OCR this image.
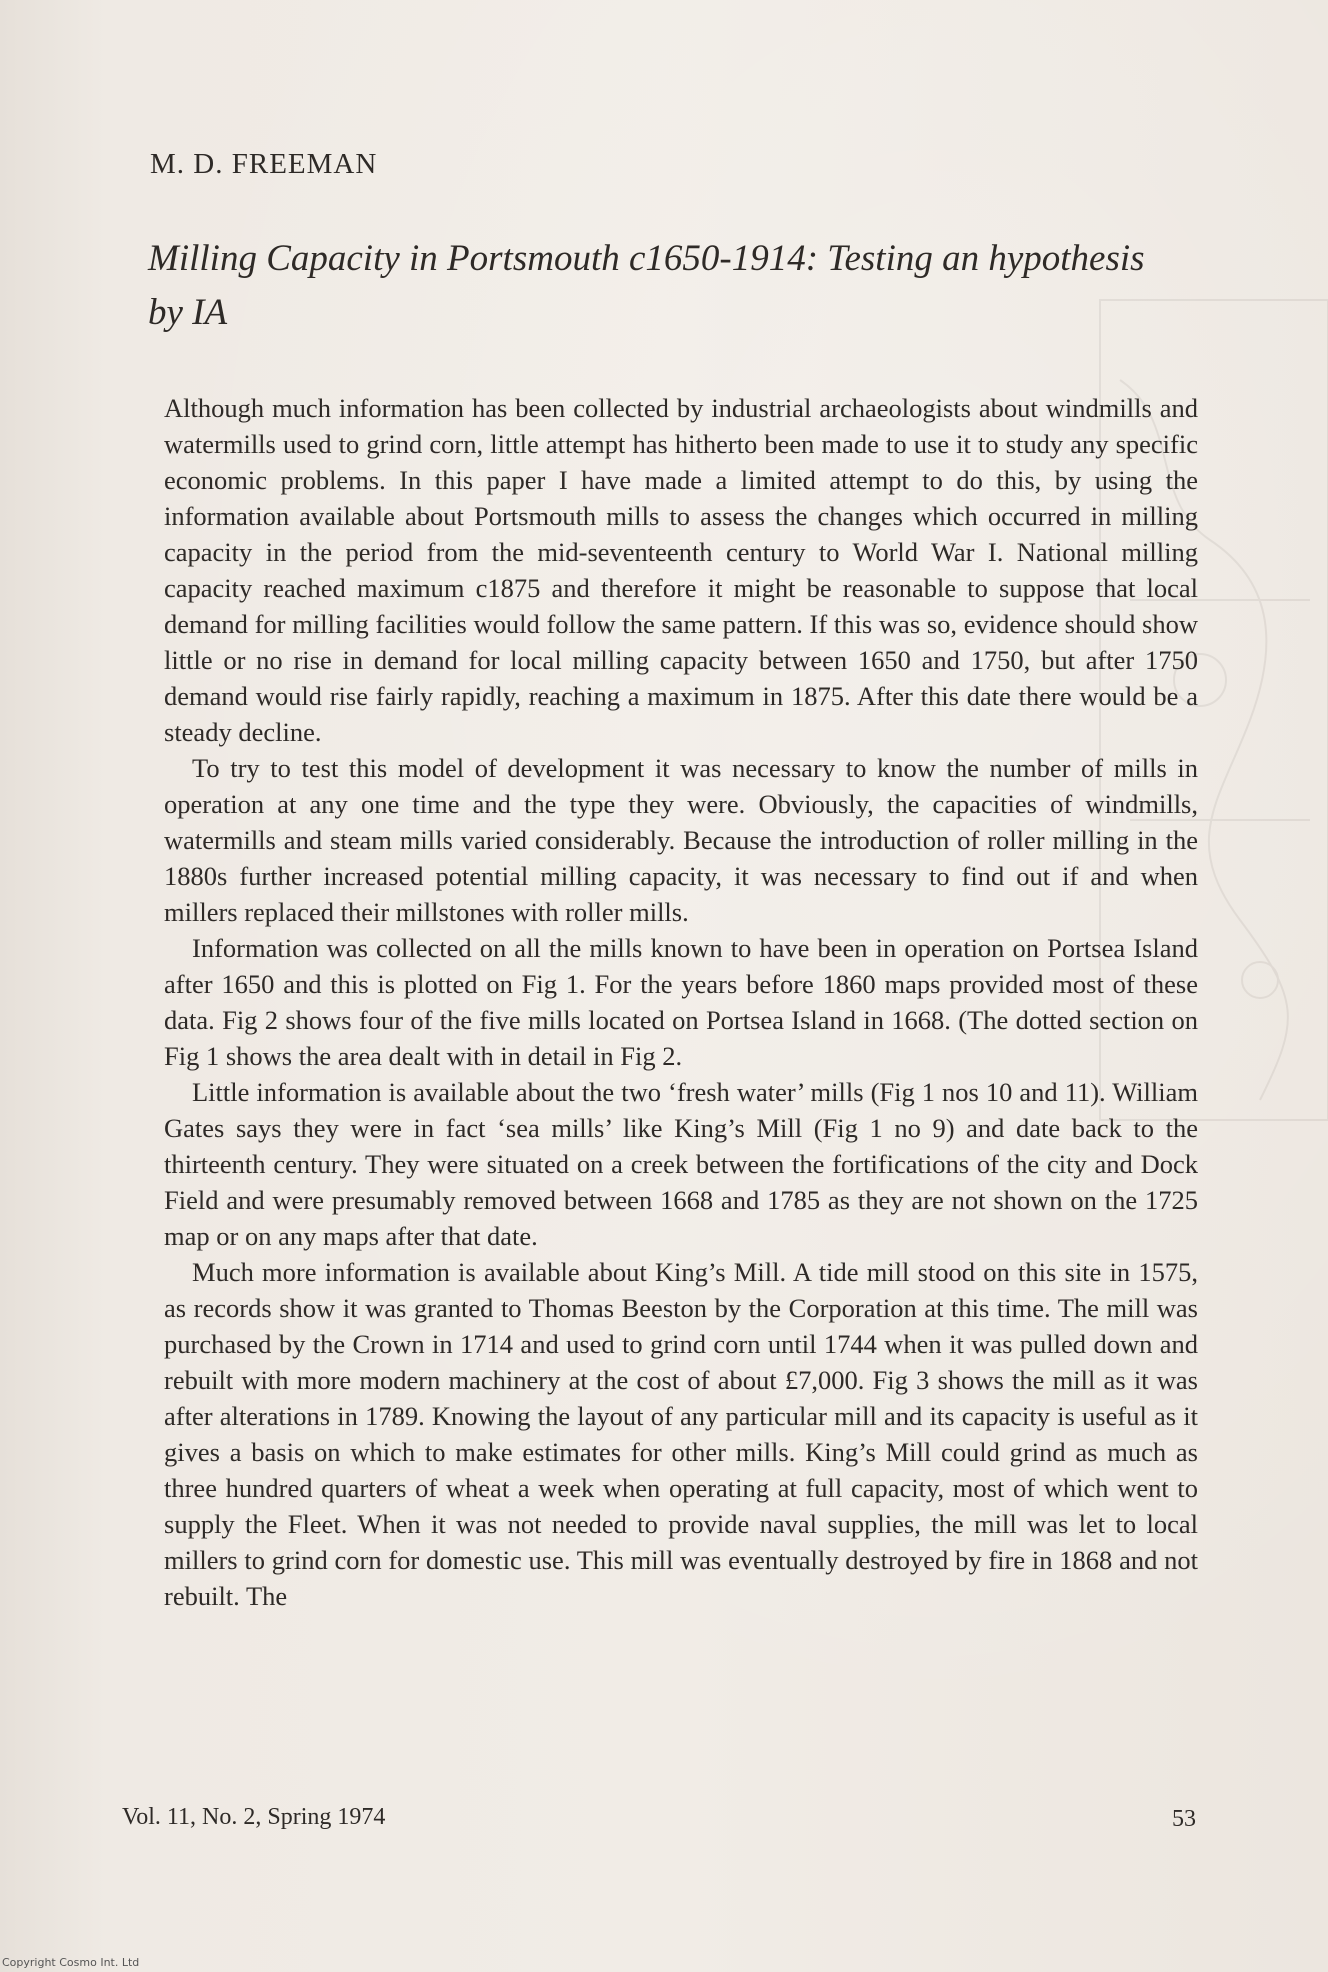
M. D. FREEMAN
Milling Capacity in Portsmouth c1650-1914: Testing an hypothesis by IA

Although much information has been collected by industrial archaeologists about windmills and watermills used to grind corn, little attempt has hitherto been made to use it to study any specific economic problems. In this paper I have made a limited attempt to do this, by using the information available about Portsmouth mills to assess the changes which occurred in milling capacity in the period from the mid-seventeenth century to World War I. National milling capacity reached maximum c1875 and therefore it might be reasonable to suppose that local demand for milling facilities would follow the same pattern. If this was so, evidence should show little or no rise in demand for local milling capacity between 1650 and 1750, but after 1750 demand would rise fairly rapidly, reaching a maximum in 1875. After this date there would be a steady decline.

To try to test this model of development it was necessary to know the number of mills in operation at any one time and the type they were. Obviously, the capacities of windmills, watermills and steam mills varied considerably. Because the introduction of roller milling in the 1880s further increased potential milling capacity, it was necessary to find out if and when millers replaced their millstones with roller mills.

Information was collected on all the mills known to have been in operation on Portsea Island after 1650 and this is plotted on Fig 1. For the years before 1860 maps provided most of these data. Fig 2 shows four of the five mills located on Portsea Island in 1668. (The dotted section on Fig 1 shows the area dealt with in detail in Fig 2.

Little information is available about the two ‘fresh water’ mills (Fig 1 nos 10 and 11). William Gates says they were in fact ‘sea mills’ like King’s Mill (Fig 1 no 9) and date back to the thirteenth century. They were situated on a creek between the fortifications of the city and Dock Field and were presumably removed between 1668 and 1785 as they are not shown on the 1725 map or on any maps after that date.

Much more information is available about King’s Mill. A tide mill stood on this site in 1575, as records show it was granted to Thomas Beeston by the Corporation at this time. The mill was purchased by the Crown in 1714 and used to grind corn until 1744 when it was pulled down and rebuilt with more modern machinery at the cost of about £7,000. Fig 3 shows the mill as it was after alterations in 1789. Knowing the layout of any particular mill and its capacity is useful as it gives a basis on which to make estimates for other mills. King’s Mill could grind as much as three hundred quarters of wheat a week when operating at full capacity, most of which went to supply the Fleet. When it was not needed to provide naval supplies, the mill was let to local millers to grind corn for domestic use. This mill was eventually destroyed by fire in 1868 and not rebuilt. The

Vol. 11, No. 2, Spring 1974	53
Copyright Cosmo Int. Ltd
